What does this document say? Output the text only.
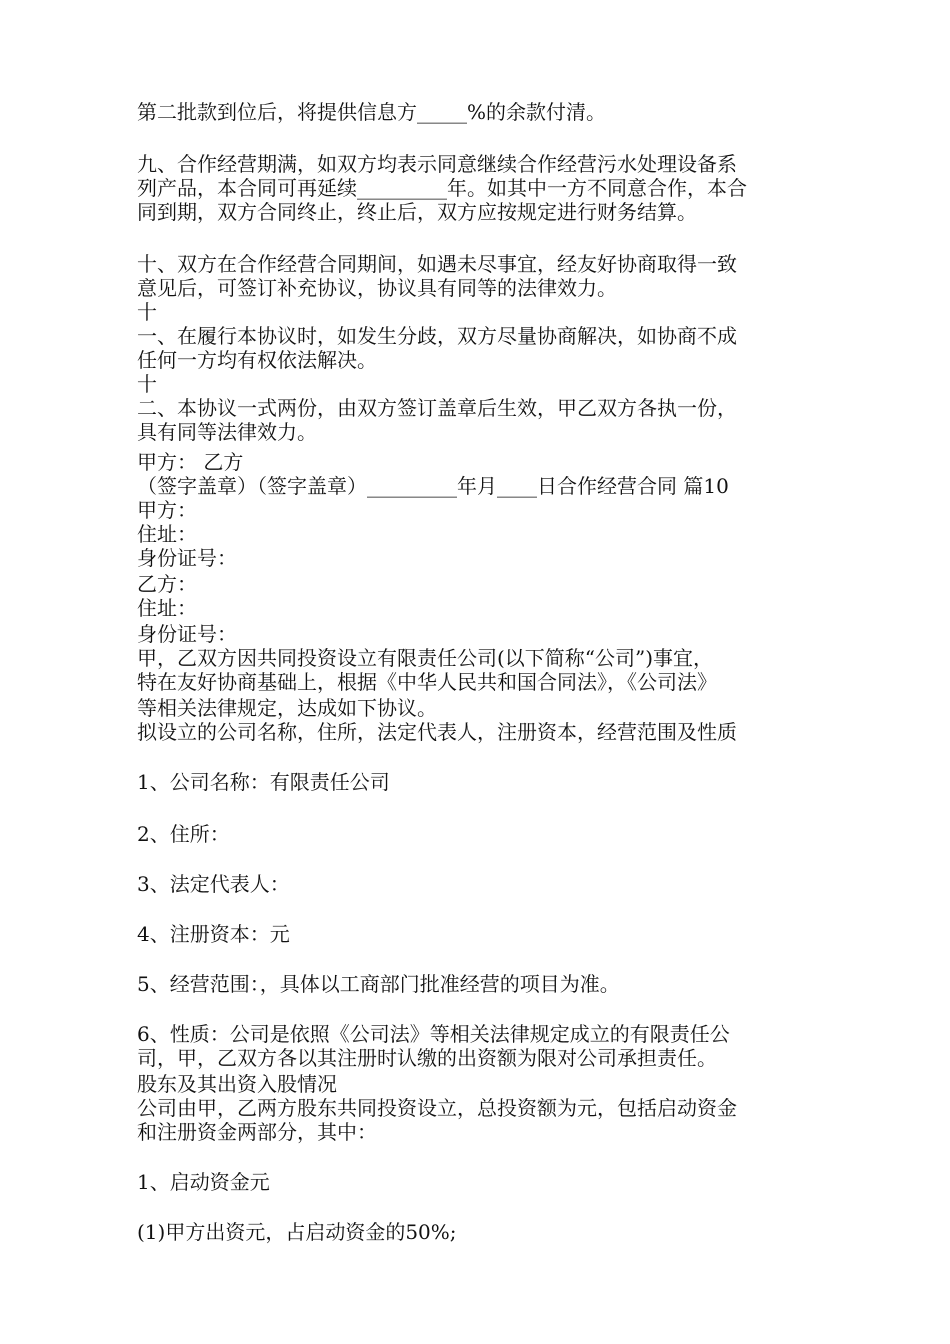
第二批款到位后，将提供信息方_____%的余款付清。
九、合作经营期满，如双方均表示同意继续合作经营污水处理设备系
列产品，本合同可再延续_________年。如其中一方不同意合作，本合
同到期，双方合同终止，终止后，双方应按规定进行财务结算。
十、双方在合作经营合同期间，如遇未尽事宜，经友好协商取得一致
意见后，可签订补充协议，协议具有同等的法律效力。
十
一、在履行本协议时，如发生分歧，双方尽量协商解决，如协商不成
任何一方均有权依法解决。
十
二、本协议一式两份，由双方签订盖章后生效，甲乙双方各执一份，
具有同等法律效力。
甲方： 乙方
（签字盖章）（签字盖章）_________年月____日合作经营合同 篇10
甲方：
住址：
身份证号：
乙方：
住址：
身份证号：
甲，乙双方因共同投资设立有限责任公司(以下简称“公司”)事宜，
特在友好协商基础上，根据《中华人民共和国合同法》，《公司法》
等相关法律规定，达成如下协议。
拟设立的公司名称，住所，法定代表人，注册资本，经营范围及性质
1、公司名称：有限责任公司
2、住所：
3、法定代表人：
4、注册资本：元
5、经营范围：，具体以工商部门批准经营的项目为准。
6、性质：公司是依照《公司法》等相关法律规定成立的有限责任公
司，甲，乙双方各以其注册时认缴的出资额为限对公司承担责任。
股东及其出资入股情况
公司由甲，乙两方股东共同投资设立，总投资额为元，包括启动资金
和注册资金两部分，其中：
1、启动资金元
(1)甲方出资元，占启动资金的50%;
